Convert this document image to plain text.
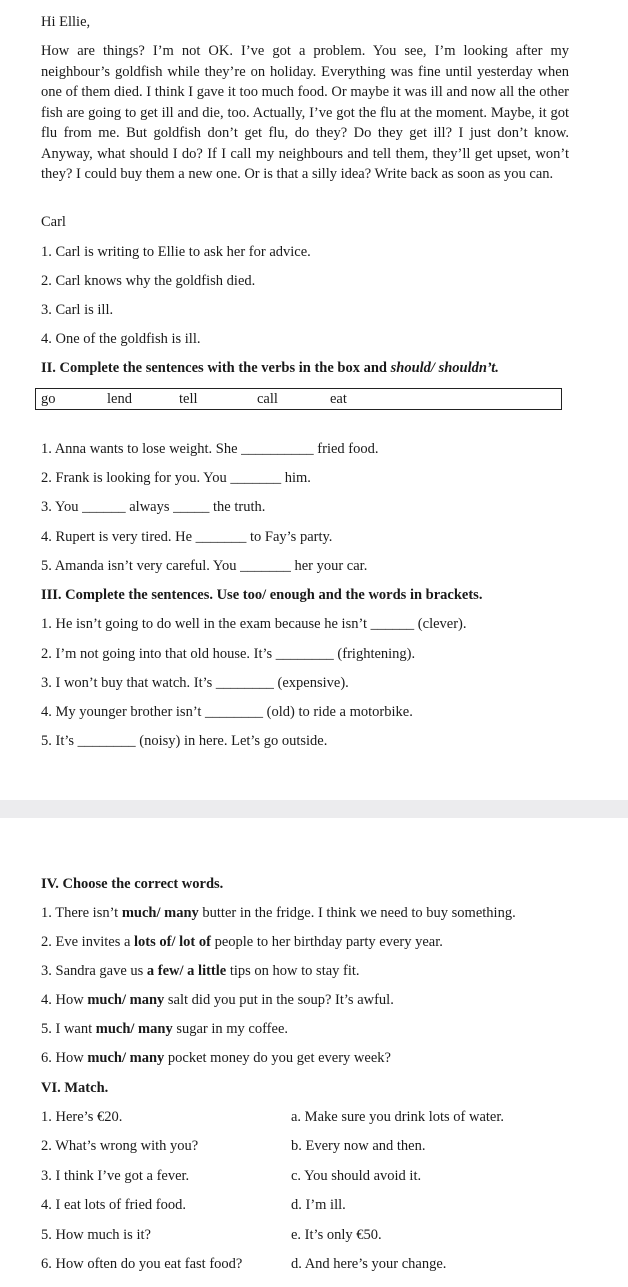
Hi Ellie,

How are things? I’m not OK. I’ve got a problem. You see, I’m looking after my neighbour’s goldfish while they’re on holiday. Everything was fine until yesterday when one of them died. I think I gave it too much food. Or maybe it was ill and now all the other fish are going to get ill and die, too. Actually, I’ve got the flu at the moment. Maybe, it got flu from me. But goldfish don’t get flu, do they? Do they get ill? I just don’t know. Anyway, what should I do? If I call my neighbours and tell them, they’ll get upset, won’t they? I could buy them a new one. Or is that a silly idea? Write back as soon as you can.

Carl
1. Carl is writing to Ellie to ask her for advice.
2. Carl knows why the goldfish died.
3. Carl is ill.
4. One of the goldfish is ill.
II. Complete the sentences with the verbs in the box and should/ shouldn’t.
go	lend	tell	call	eat
1. Anna wants to lose weight. She __________ fried food.
2. Frank is looking for you. You _______ him.
3. You ______ always _____ the truth.
4. Rupert is very tired. He _______ to Fay’s party.
5. Amanda isn’t very careful. You _______ her your car.
III. Complete the sentences. Use too/ enough and the words in brackets.
1. He isn’t going to do well in the exam because he isn’t ______ (clever).
2. I’m not going into that old house. It’s ________ (frightening).
3. I won’t buy that watch. It’s ________ (expensive).
4. My younger brother isn’t ________ (old) to ride a motorbike.
5. It’s ________ (noisy) in here. Let’s go outside.
IV. Choose the correct words.
1. There isn’t much/ many butter in the fridge. I think we need to buy something.
2. Eve invites a lots of/ lot of people to her birthday party every year.
3. Sandra gave us a few/ a little tips on how to stay fit.
4. How much/ many salt did you put in the soup? It’s awful.
5. I want much/ many sugar in my coffee.
6. How much/ many pocket money do you get every week?
VI. Match.
1. Here’s €20.	a. Make sure you drink lots of water.
2. What’s wrong with you?	b. Every now and then.
3. I think I’ve got a fever.	c. You should avoid it.
4. I eat lots of fried food.	d. I’m ill.
5. How much is it?	e. It’s only €50.
6. How often do you eat fast food?	d. And here’s your change.
